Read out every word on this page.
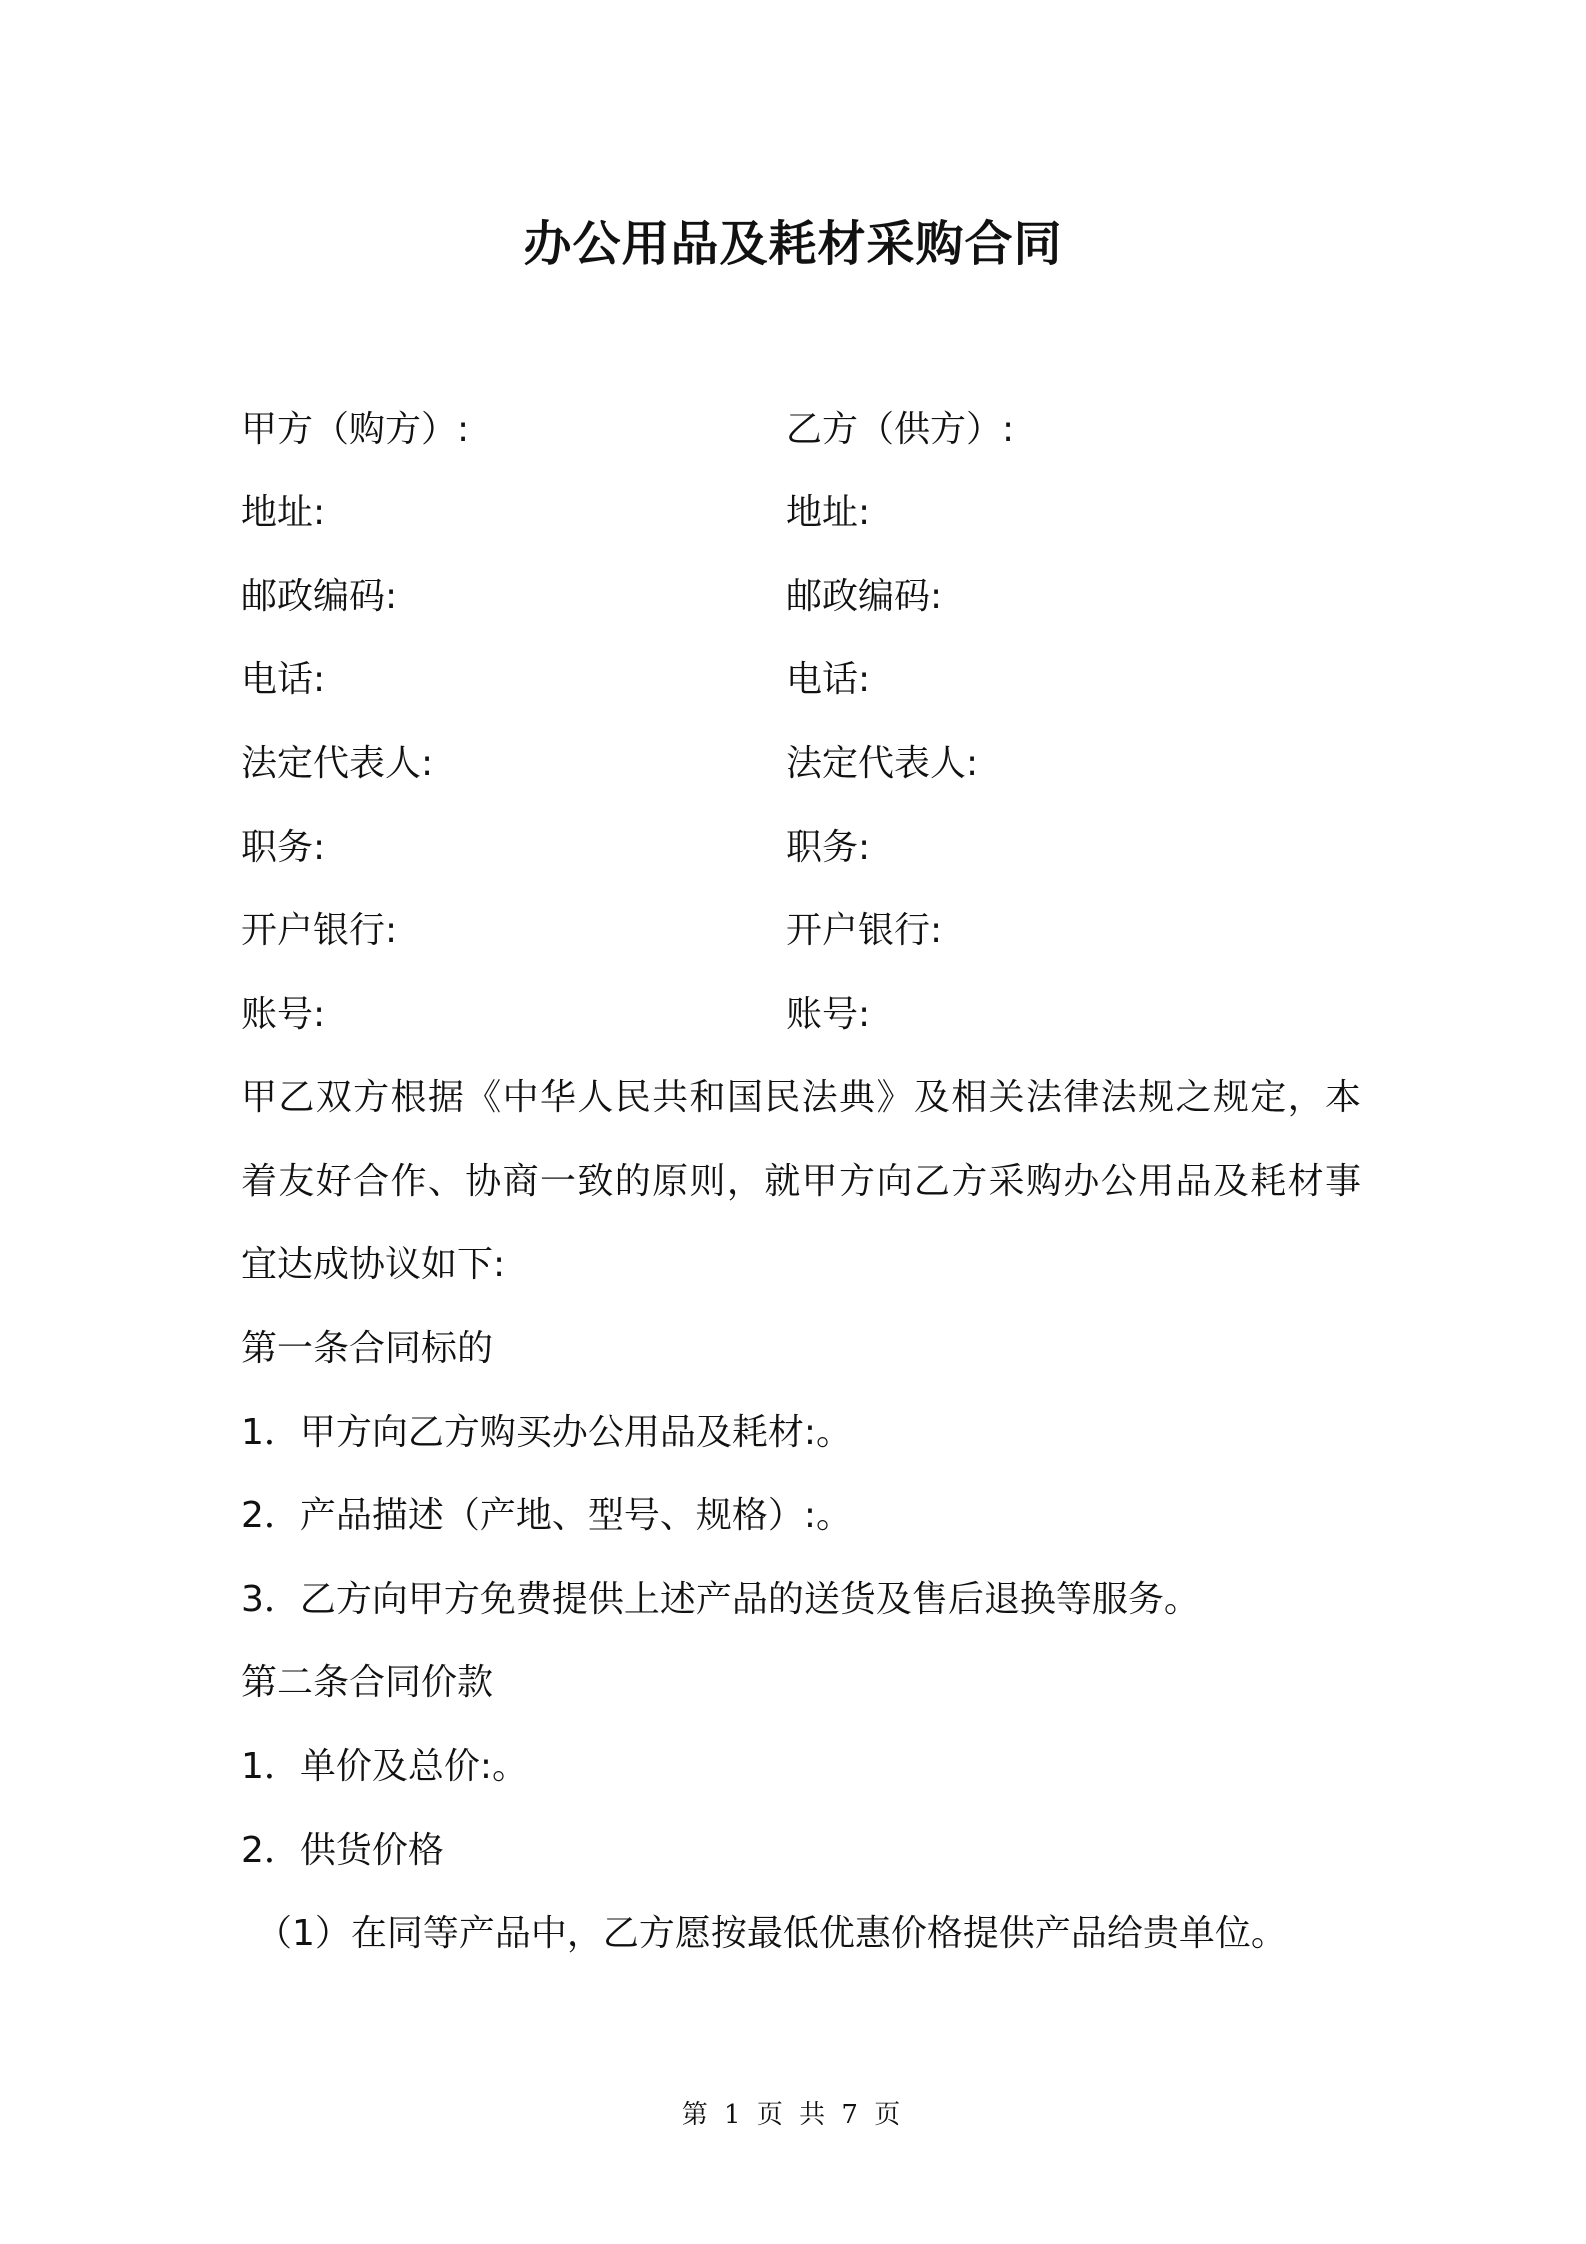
办公用品及耗材采购合同
甲方（购方）:	乙方（供方）:
地址:	地址:
邮政编码:	邮政编码:
电话:	电话:
法定代表人:	法定代表人:
职务:	职务:
开户银行:	开户银行:
账号:	账号:
甲乙双方根据《中华人民共和国民法典》及相关法律法规之规定，本
着友好合作、协商一致的原则，就甲方向乙方采购办公用品及耗材事
宜达成协议如下:
第一条合同标的
1．甲方向乙方购买办公用品及耗材:。
2．产品描述（产地、型号、规格）:。
3．乙方向甲方免费提供上述产品的送货及售后退换等服务。
第二条合同价款
1．单价及总价:。
2．供货价格
（1）在同等产品中，乙方愿按最低优惠价格提供产品给贵单位。
第 1 页 共 7 页
